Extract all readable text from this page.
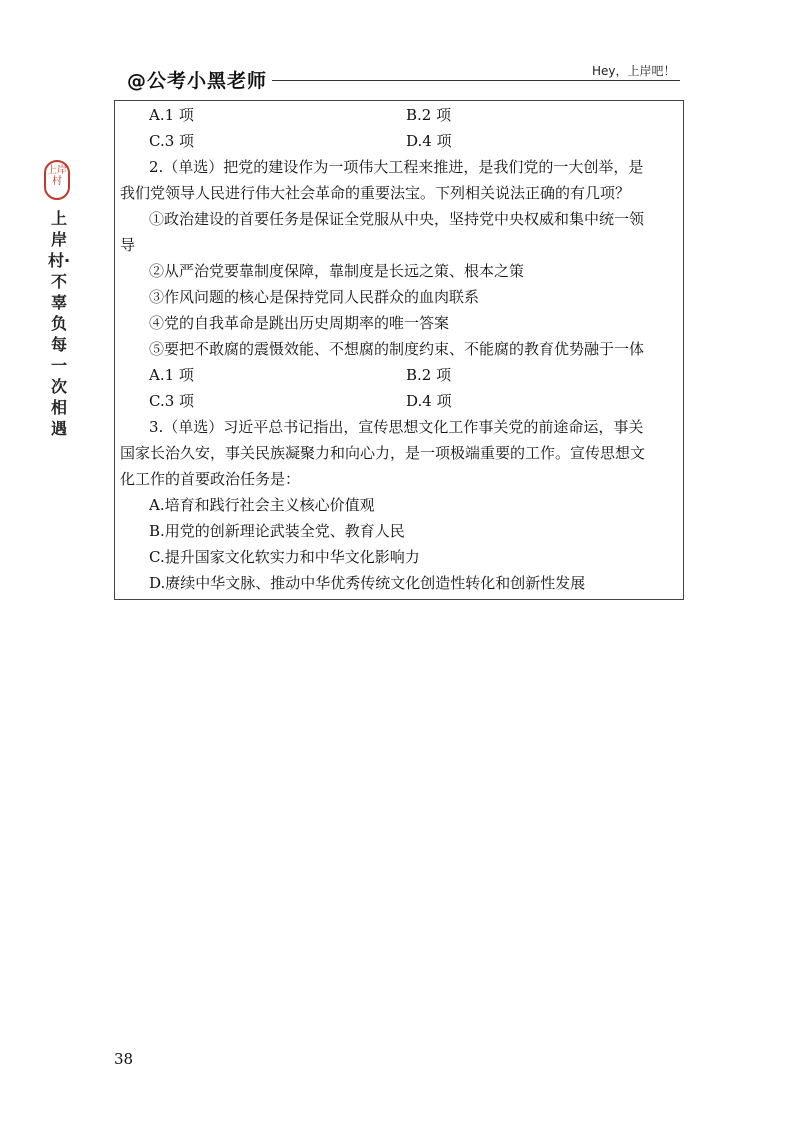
@公考小黑老师	Hey，上岸吧！
上岸村
上岸村·不辜负每一次相遇
A.1 项	B.2 项
C.3 项	D.4 项
2.（单选）把党的建设作为一项伟大工程来推进，是我们党的一大创举，是
我们党领导人民进行伟大社会革命的重要法宝。下列相关说法正确的有几项？
①政治建设的首要任务是保证全党服从中央，坚持党中央权威和集中统一领
导
②从严治党要靠制度保障，靠制度是长远之策、根本之策
③作风问题的核心是保持党同人民群众的血肉联系
④党的自我革命是跳出历史周期率的唯一答案
⑤要把不敢腐的震慑效能、不想腐的制度约束、不能腐的教育优势融于一体
A.1 项	B.2 项
C.3 项	D.4 项
3.（单选）习近平总书记指出，宣传思想文化工作事关党的前途命运，事关
国家长治久安，事关民族凝聚力和向心力，是一项极端重要的工作。宣传思想文
化工作的首要政治任务是：
A.培育和践行社会主义核心价值观
B.用党的创新理论武装全党、教育人民
C.提升国家文化软实力和中华文化影响力
D.赓续中华文脉、推动中华优秀传统文化创造性转化和创新性发展
38
